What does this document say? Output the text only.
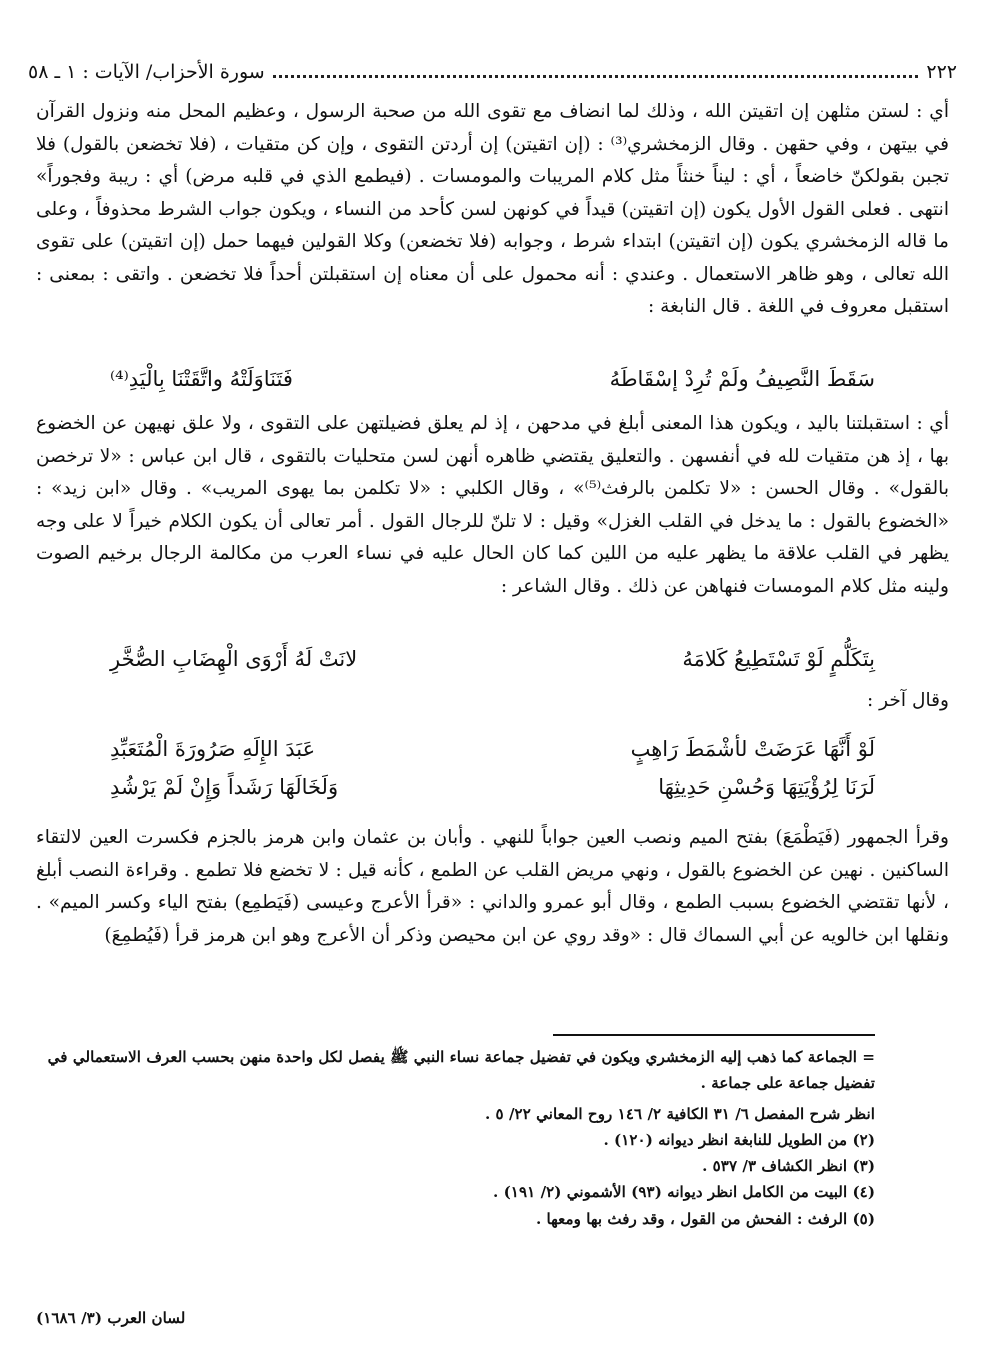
٢٢٢
سورة الأحزاب/ الآيات : ١ ـ ٥٨

أي : لستن مثلهن إن اتقيتن الله ، وذلك لما انضاف مع تقوى الله من صحبة الرسول ، وعظيم المحل منه ونزول القرآن في بيتهن ، وفي حقهن . وقال الزمخشري⁽³⁾ : (إن اتقيتن) إن أردتن التقوى ، وإن كن متقيات ، (فلا تخضعن بالقول) فلا تجبن بقولكنّ خاضعاً ، أي : ليناً خنثاً مثل كلام المريبات والمومسات . (فيطمع الذي في قلبه مرض) أي : ريبة وفجوراً» انتهى . فعلى القول الأول يكون (إن اتقيتن) قيداً في كونهن لسن كأحد من النساء ، ويكون جواب الشرط محذوفاً ، وعلى ما قاله الزمخشري يكون (إن اتقيتن) ابتداء شرط ، وجوابه (فلا تخضعن) وكلا القولين فيهما حمل (إن اتقيتن) على تقوى الله تعالى ، وهو ظاهر الاستعمال . وعندي : أنه محمول على أن معناه إن استقبلتن أحداً فلا تخضعن . واتقى : بمعنى : استقبل معروف في اللغة . قال النابغة :

سَقَطَ النَّصِيفُ ولَمْ تُرِدْ إسْقَاطَهُ
فَتَنَاوَلَتْهُ واتَّقَتْنَا بِالْيَدِ⁽⁴⁾

أي : استقبلتنا باليد ، ويكون هذا المعنى أبلغ في مدحهن ، إذ لم يعلق فضيلتهن على التقوى ، ولا علق نهيهن عن الخضوع بها ، إذ هن متقيات لله في أنفسهن . والتعليق يقتضي ظاهره أنهن لسن متحليات بالتقوى ، قال ابن عباس : «لا ترخصن بالقول» . وقال الحسن : «لا تكلمن بالرفث⁽⁵⁾» ، وقال الكلبي : «لا تكلمن بما يهوى المريب» . وقال «ابن زيد» : «الخضوع بالقول : ما يدخل في القلب الغزل» وقيل : لا تلنّ للرجال القول . أمر تعالى أن يكون الكلام خيراً لا على وجه يظهر في القلب علاقة ما يظهر عليه من اللين كما كان الحال عليه في نساء العرب من مكالمة الرجال برخيم الصوت ولينه مثل كلام المومسات فنهاهن عن ذلك . وقال الشاعر :

بِتَكَلُّمٍ لَوْ تَسْتَطِيعُ كَلامَهُ
لانَتْ لَهُ أَرْوَى الْهِضَابِ الصُّخَّرِ
وقال آخر :
لَوْ أَنَّهَا عَرَضَتْ لأشْمَطَ رَاهِبٍ
عَبَدَ الإِلَهِ صَرُورَةَ الْمُتَعَبِّدِ
لَرَنَا لِرُؤْيَتِهَا وَحُسْنِ حَدِيثِهَا
وَلَخَالَهَا رَشَداً وَإِنْ لَمْ يَرْشُدِ

وقرأ الجمهور (فَيَطْمَعَ) بفتح الميم ونصب العين جواباً للنهي . وأبان بن عثمان وابن هرمز بالجزم فكسرت العين لالتقاء الساكنين . نهين عن الخضوع بالقول ، ونهي مريض القلب عن الطمع ، كأنه قيل : لا تخضع فلا تطمع . وقراءة النصب أبلغ ، لأنها تقتضي الخضوع بسبب الطمع ، وقال أبو عمرو والداني : «قرأ الأعرج وعيسى (فَيَطمِع) بفتح الياء وكسر الميم» . ونقلها ابن خالويه عن أبي السماك قال : «وقد روي عن ابن محيصن وذكر أن الأعرج وهو ابن هرمز قرأ (فَيُطمِعَ)

= الجماعة كما ذهب إليه الزمخشري ويكون في تفضيل جماعة نساء النبي ﷺ يفصل لكل واحدة منهن بحسب العرف الاستعمالي في تفضيل جماعة على جماعة .

انظر شرح المفصل ٦/ ٣١ الكافية ٢/ ١٤٦ روح المعاني ٢٢/ ٥ .

(٢) من الطويل للنابغة انظر ديوانه (١٢٠) .

(٣) انظر الكشاف ٣/ ٥٣٧ .

(٤) البيت من الكامل انظر ديوانه (٩٣) الأشموني (٢/ ١٩١) .

(٥) الرفث : الفحش من القول ، وقد رفث بها ومعها .

لسان العرب (٣/ ١٦٨٦)
